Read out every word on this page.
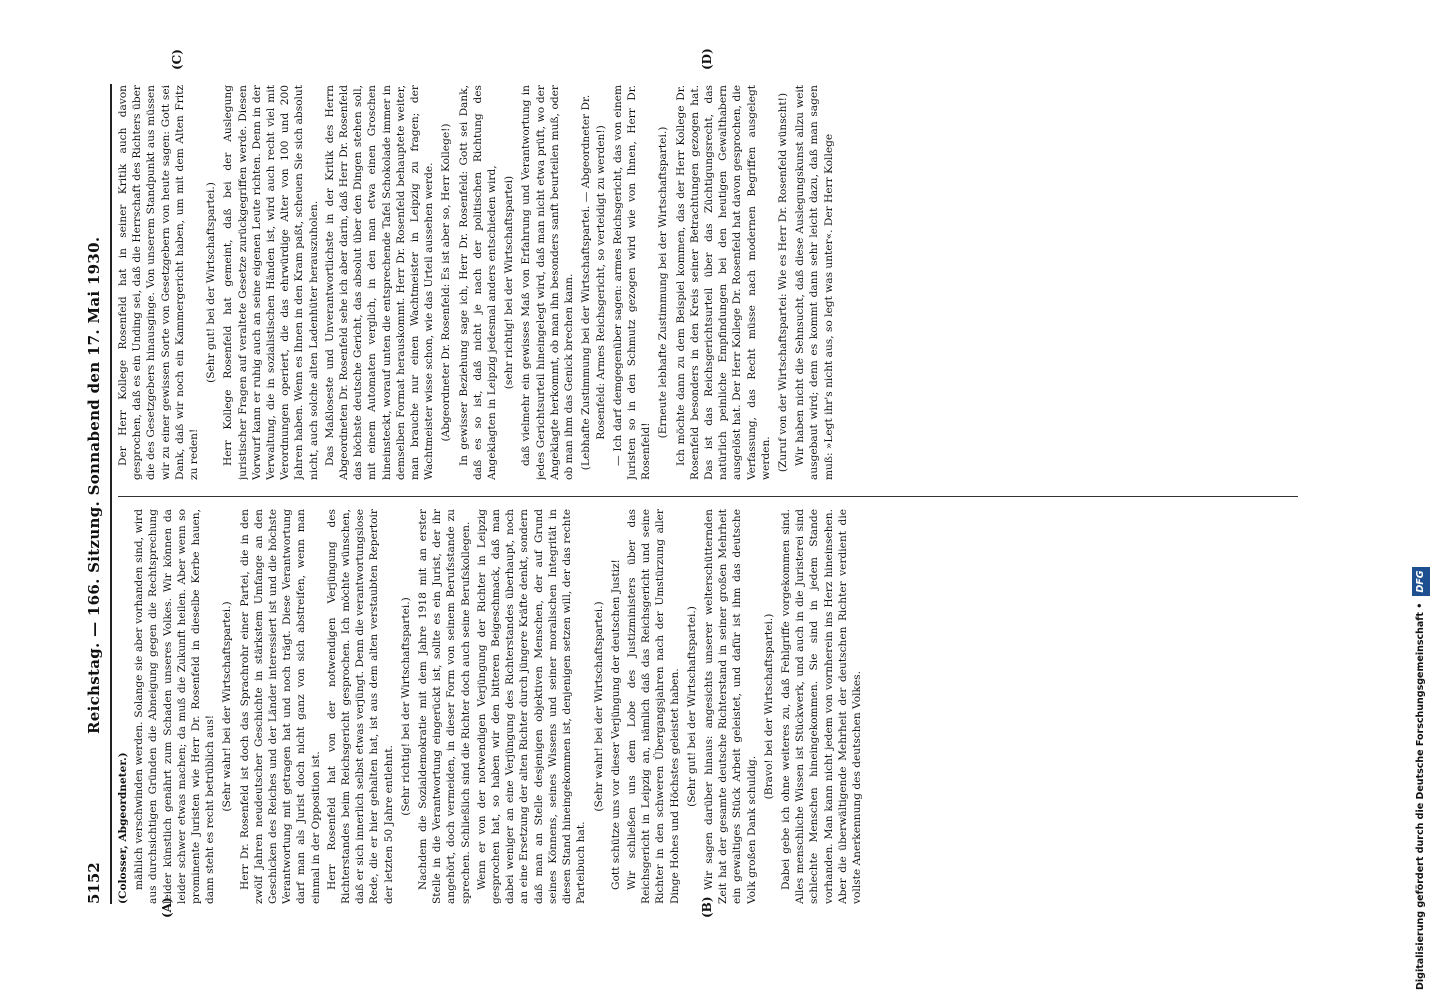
5152
Reichstag. — 166. Sitzung. Sonnabend den 17. Mai 1930.
(A)	(B)
(C)	(D)

(Colosser, Abgeordneter.) mählich verschwinden werden. Solange sie aber vorhanden sind, wird aus durchsichtigen Gründen die Abneigung gegen die Rechtsprechung leider künstlich genährt zum Schaden unseres Volkes. Wir können da leider schwer etwas machen; da muß die Zukunft heilen. Aber wenn so prominente Juristen wie Herr Dr. Rosenfeld in dieselbe Kerbe hauen, dann steht es recht betrüblich aus! (Sehr wahr! bei der Wirtschaftspartei.) Herr Dr. Rosenfeld ist doch das Sprachrohr einer Partei, die in den zwölf Jahren neudeutscher Geschichte in stärkstem Umfange an den Geschicken des Reiches und der Länder interessiert ist und die höchste Verantwortung mit getragen hat und noch trägt. Diese Verantwortung darf man als Jurist doch nicht ganz von sich abstreifen, wenn man einmal in der Opposition ist. Herr Rosenfeld hat von der notwendigen Verjüngung des Richterstandes beim Reichsgericht gesprochen. Ich möchte wünschen, daß er sich innerlich selbst etwas verjüngt. Denn die verantwortungslose Rede, die er hier gehalten hat, ist aus dem alten verstaubten Repertoir der letzten 50 Jahre entlehnt.

(Sehr richtig! bei der Wirtschaftspartei.) Nachdem die Sozialdemokratie mit dem Jahre 1918 mit an erster Stelle in die Verantwortung eingerückt ist, sollte es ein Jurist, der ihr angehört, doch vermeiden, in dieser Form von seinem Berufsstande zu sprechen. Schließlich sind die Richter doch auch seine Berufskollegen. Wenn er von der notwendigen Verjüngung der Richter in Leipzig gesprochen hat, so haben wir den bitteren Beigeschmack, daß man dabei weniger an eine Verjüngung des Richterstandes überhaupt, noch an eine Ersetzung der alten Richter durch jüngere Kräfte denkt, sondern daß man an Stelle desjenigen objektiven Menschen, der auf Grund seines Könnens, seines Wissens und seiner moralischen Integrität in diesen Stand hineingekommen ist, denjenigen setzen will, der das rechte Parteibuch hat.

(Sehr wahr! bei der Wirtschaftspartei.) Gott schütze uns vor dieser Verjüngung der deutschen Justiz! Wir schließen uns dem Lobe des Justizministers über das Reichsgericht in Leipzig an, nämlich daß das Reichsgericht und seine Richter in den schweren Übergangsjahren nach der Umstürzung aller Dinge Hohes und Höchstes geleistet haben. (Sehr gut! bei der Wirtschaftspartei.) Wir sagen darüber hinaus: angesichts unserer welterschütternden Zeit hat der gesamte deutsche Richterstand in seiner großen Mehrheit ein gewaltiges Stück Arbeit geleistet, und dafür ist ihm das deutsche Volk großen Dank schuldig.

(Bravo! bei der Wirtschaftspartei.) Dabei gebe ich ohne weiteres zu, daß Fehlgriffe vorgekommen sind. Alles menschliche Wissen ist Stückwerk, und auch in die Juristerei sind schlechte Menschen hineingekommen. Sie sind in jedem Stande vorhanden. Man kann nicht jedem von vornherein ins Herz hineinsehen. Aber die überwältigende Mehrheit der deutschen Richter verdient die vollste Anerkennung des deutschen Volkes.

Der Herr Kollege Rosenfeld hat in seiner Kritik auch davon gesprochen, daß es ein Unding sei, daß die Herrschaft des Richters über die des Gesetzgebers hinausginge. Von unserem Standpunkt aus müssen wir zu einer gewissen Sorte von Gesetzgebern von heute sagen: Gott sei Dank, daß wir noch ein Kammergericht haben, um mit dem Alten Fritz zu reden!

(Sehr gut! bei der Wirtschaftspartei.) Herr Kollege Rosenfeld hat gemeint, daß bei der Auslegung juristischer Fragen auf veraltete Gesetze zurückgegriffen werde. Diesen Vorwurf kann er ruhig auch an seine eigenen Leute richten. Denn in der Verwaltung, die in sozialistischen Händen ist, wird auch recht viel mit Verordnungen operiert, die das ehrwürdige Alter von 100 und 200 Jahren haben. Wenn es Ihnen in den Kram paßt, scheuen Sie sich absolut nicht, auch solche alten Ladenhüter herauszuholen. Das Maßloseste und Unverantwortlichste in der Kritik des Herrn Abgeordneten Dr. Rosenfeld sehe ich aber darin, daß Herr Dr. Rosenfeld das höchste deutsche Gericht, das absolut über den Dingen stehen soll, mit einem Automaten verglich, in den man etwa einen Groschen hineinsteckt, worauf unten die entsprechende Tafel Schokolade immer in demselben Format herauskommt. Herr Dr. Rosenfeld behauptete weiter, man brauche nur einen Wachtmeister in Leipzig zu fragen; der Wachtmeister wisse schon, wie das Urteil aussehen werde. (Abgeordneter Dr. Rosenfeld: Es ist aber so, Herr Kollege!) In gewisser Beziehung sage ich, Herr Dr. Rosenfeld: Gott sei Dank, daß es so ist, daß nicht je nach der politischen Richtung des Angeklagten in Leipzig jedesmal anders entschieden wird, (sehr richtig! bei der Wirtschaftspartei) daß vielmehr ein gewisses Maß von Erfahrung und Verantwortung in jedes Gerichtsurteil hineingelegt wird, daß man nicht etwa prüft, wo der Angeklagte herkommt, ob man ihn besonders sanft beurteilen muß, oder ob man ihm das Genick brechen kann. (Lebhafte Zustimmung bei der Wirtschaftspartei. — Abgeordneter Dr. Rosenfeld: Armes Reichsgericht, so verteidigt zu werden!) — Ich darf demgegenüber sagen: armes Reichsgericht, das von einem Juristen so in den Schmutz gezogen wird wie von Ihnen, Herr Dr. Rosenfeld!

(Erneute lebhafte Zustimmung bei der Wirtschaftspartei.) Ich möchte dann zu dem Beispiel kommen, das der Herr Kollege Dr. Rosenfeld besonders in den Kreis seiner Betrachtungen gezogen hat. Das ist das Reichsgerichtsurteil über das Züchtigungsrecht, das natürlich peinliche Empfindungen bei den heutigen Gewalthabern ausgelöst hat. Der Herr Kollege Dr. Rosenfeld hat davon gesprochen, die Verfassung, das Recht müsse nach modernen Begriffen ausgelegt werden. (Zuruf von der Wirtschaftspartei: Wie es Herr Dr. Rosenfeld wünscht!) Wir haben nicht die Sehnsucht, daß diese Auslegungskunst allzu weit ausgebaut wird; denn es kommt dann sehr leicht dazu, daß man sagen muß: »Legt ihr's nicht aus, so legt was unter«. Der Herr Kollege

Digitalisierung gefördert durch die Deutsche Forschungsgemeinschaft • DFG
